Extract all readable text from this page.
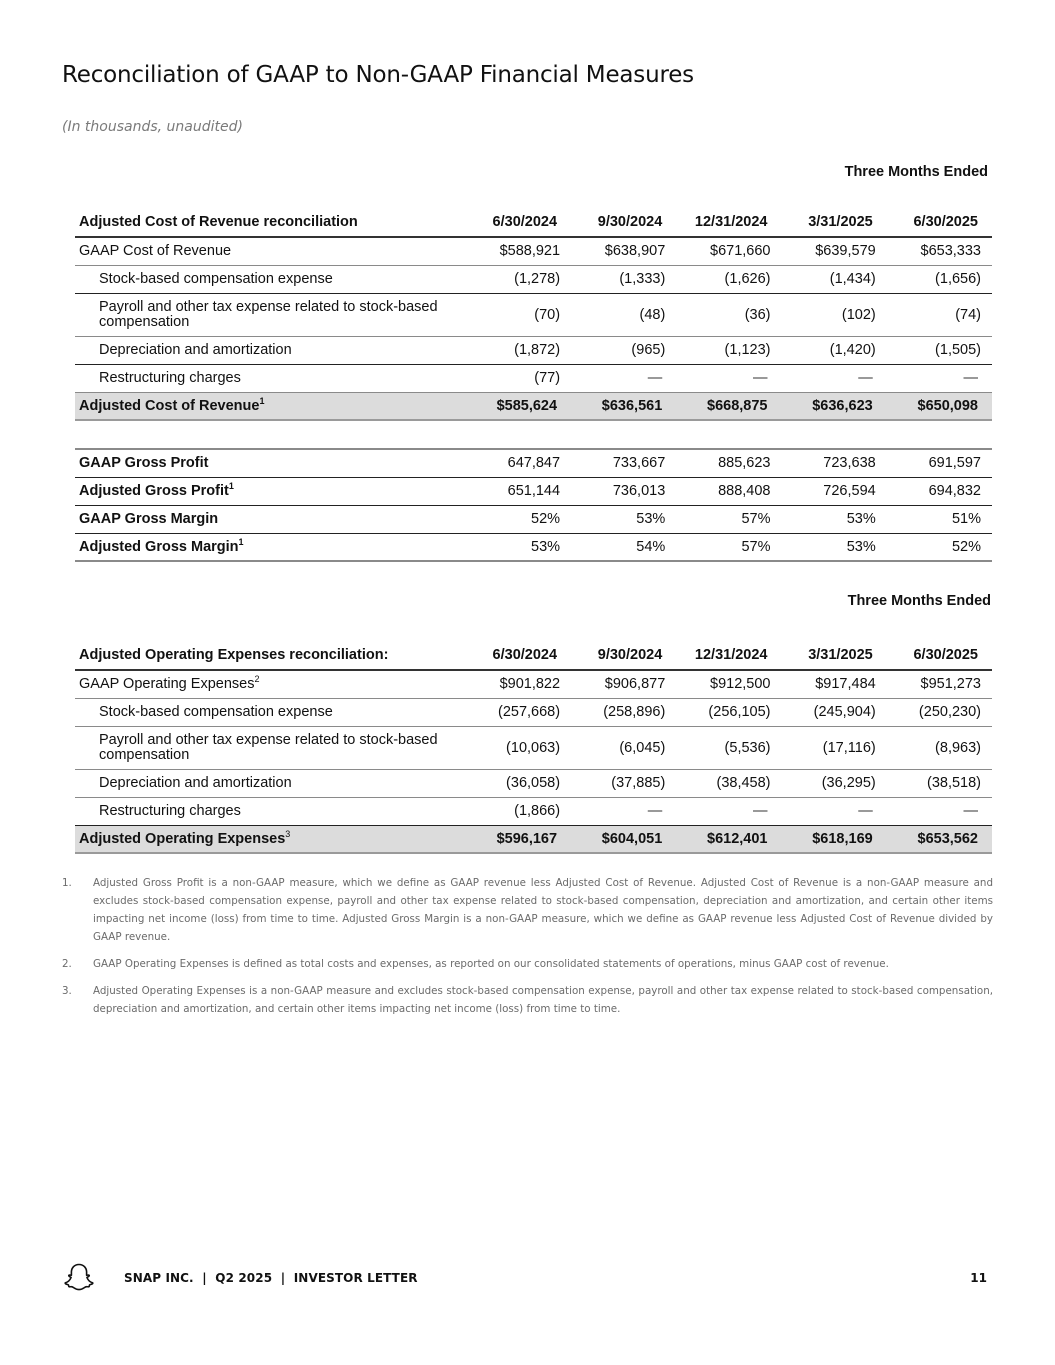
Reconciliation of GAAP to Non-GAAP Financial Measures
(In thousands, unaudited)
Three Months Ended
Adjusted Cost of Revenue reconciliation	6/30/2024	9/30/2024	12/31/2024	3/31/2025	6/30/2025
GAAP Cost of Revenue	$588,921	$638,907	$671,660	$639,579	$653,333
Stock-based compensation expense	(1,278)	(1,333)	(1,626)	(1,434)	(1,656)
Payroll and other tax expense related to stock-based compensation	(70)	(48)	(36)	(102)	(74)
Depreciation and amortization	(1,872)	(965)	(1,123)	(1,420)	(1,505)
Restructuring charges	(77)	—	—	—	—
Adjusted Cost of Revenue$^1$	$585,624	$636,561	$668,875	$636,623	$650,098
GAAP Gross Profit	647,847	733,667	885,623	723,638	691,597
Adjusted Gross Profit$^1$	651,144	736,013	888,408	726,594	694,832
GAAP Gross Margin	52%	53%	57%	53%	51%
Adjusted Gross Margin$^1$	53%	54%	57%	53%	52%
Three Months Ended
Adjusted Operating Expenses reconciliation:	6/30/2024	9/30/2024	12/31/2024	3/31/2025	6/30/2025
GAAP Operating Expenses$^2$	$901,822	$906,877	$912,500	$917,484	$951,273
Stock-based compensation expense	(257,668)	(258,896)	(256,105)	(245,904)	(250,230)
Payroll and other tax expense related to stock-based compensation	(10,063)	(6,045)	(5,536)	(17,116)	(8,963)
Depreciation and amortization	(36,058)	(37,885)	(38,458)	(36,295)	(38,518)
Restructuring charges	(1,866)	—	—	—	—
Adjusted Operating Expenses$^3$	$596,167	$604,051	$612,401	$618,169	$653,562
1.	Adjusted Gross Profit is a non-GAAP measure, which we define as GAAP revenue less Adjusted Cost of Revenue. Adjusted Cost of Revenue is a non-GAAP measure and excludes stock-based compensation expense, payroll and other tax expense related to stock-based compensation, depreciation and amortization, and certain other items impacting net income (loss) from time to time. Adjusted Gross Margin is a non-GAAP measure, which we define as GAAP revenue less Adjusted Cost of Revenue divided by GAAP revenue.
2.	GAAP Operating Expenses is defined as total costs and expenses, as reported on our consolidated statements of operations, minus GAAP cost of revenue.
3.	Adjusted Operating Expenses is a non-GAAP measure and excludes stock-based compensation expense, payroll and other tax expense related to stock-based compensation, depreciation and amortization, and certain other items impacting net income (loss) from time to time.
SNAP INC.  |  Q2 2025  |  INVESTOR LETTER	11
